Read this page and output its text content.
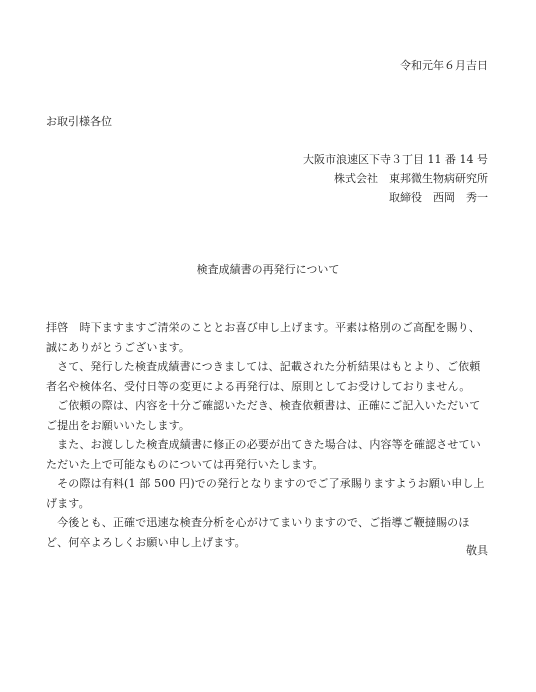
令和元年６月吉日
お取引様各位
大阪市浪速区下寺３丁目 11 番 14 号
株式会社　東邦微生物病研究所
取締役　西岡　秀一
検査成績書の再発行について

拝啓　時下ますますご清栄のこととお喜び申し上げます。平素は格別のご高配を賜り、誠にありがとうございます。

　さて、発行した検査成績書につきましては、記載された分析結果はもとより、ご依頼者名や検体名、受付日等の変更による再発行は、原則としてお受けしておりません。

　ご依頼の際は、内容を十分ご確認いただき、検査依頼書は、正確にご記入いただいてご提出をお願いいたします。

　また、お渡しした検査成績書に修正の必要が出てきた場合は、内容等を確認させていただいた上で可能なものについては再発行いたします。

　その際は有料(1 部 500 円)での発行となりますのでご了承賜りますようお願い申し上げます。

　今後とも、正確で迅速な検査分析を心がけてまいりますので、ご指導ご鞭撻賜のほど、何卒よろしくお願い申し上げます。

敬具
